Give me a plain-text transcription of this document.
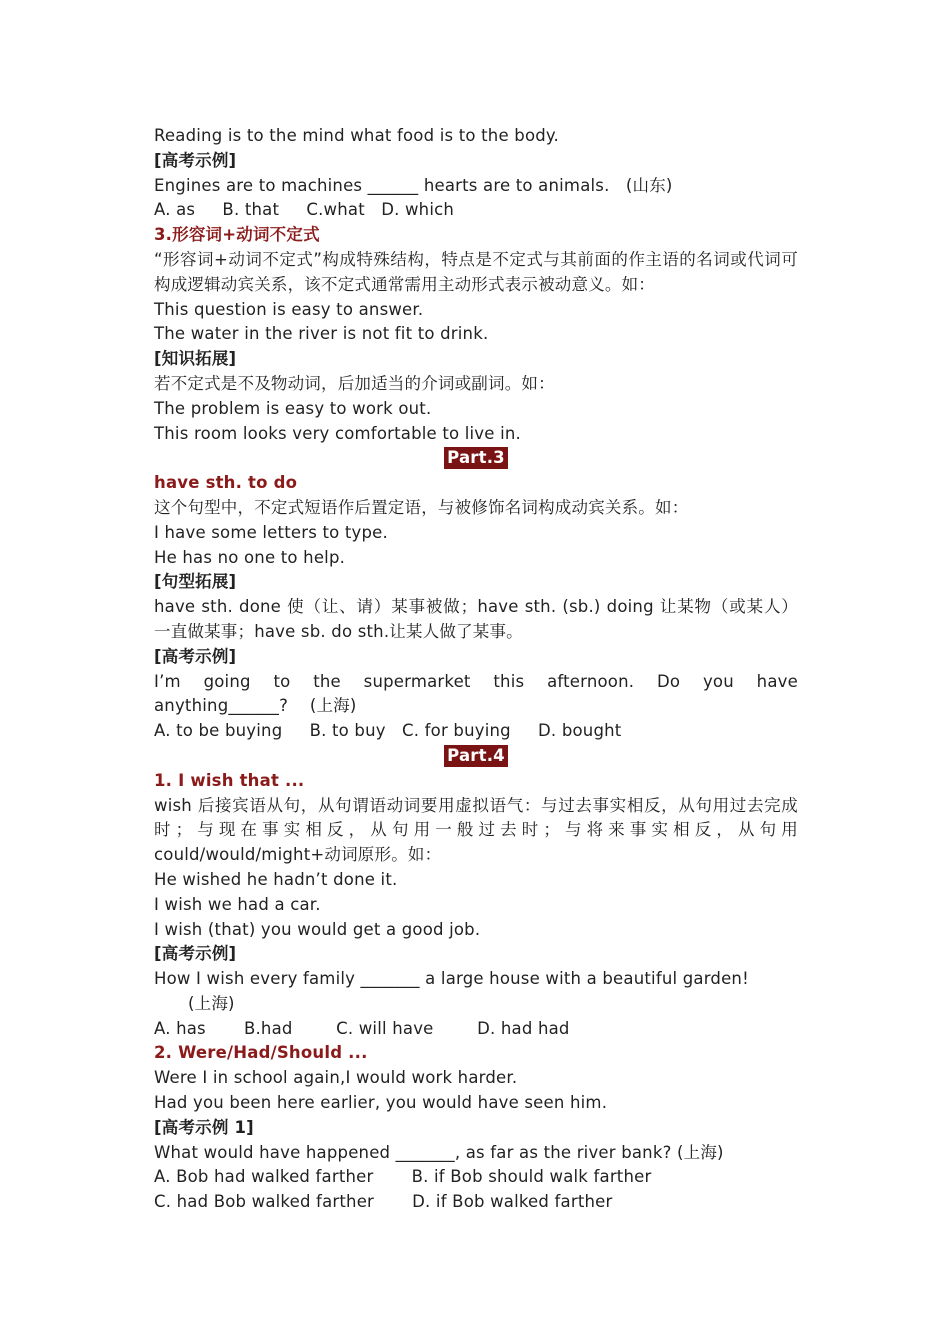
Reading is to the mind what food is to the body.
[高考示例]
Engines are to machines ______ hearts are to animals.   (山东)
A. as     B. that     C.what   D. which
3.形容词+动词不定式
“形容词+动词不定式”构成特殊结构，特点是不定式与其前面的作主语的名词或代词可构成逻辑动宾关系，该不定式通常需用主动形式表示被动意义。如：
This question is easy to answer.
The water in the river is not fit to drink.
[知识拓展]
若不定式是不及物动词，后加适当的介词或副词。如：
The problem is easy to work out.
This room looks very comfortable to live in.
Part.3
have sth. to do
这个句型中，不定式短语作后置定语，与被修饰名词构成动宾关系。如：
I have some letters to type.
He has no one to help.
[句型拓展]
have sth. done 使（让、请）某事被做；have sth. (sb.) doing 让某物（或某人）一直做某事；have sb. do sth.让某人做了某事。
[高考示例]
I’m going to the supermarket this afternoon. Do you have
anything______?    (上海)
A. to be buying     B. to buy   C. for buying     D. bought
Part.4
1. I wish that ...
wish 后接宾语从句，从句谓语动词要用虚拟语气：与过去事实相反，从句用过去完成时；与现在事实相反，从句用一般过去时；与将来事实相反，从句用 could/would/might+动词原形。如：
He wished he hadn’t done it.
I wish we had a car.
I wish (that) you would get a good job.
[高考示例]
How I wish every family _______ a large house with a beautiful garden!
(上海)
A. has       B.had        C. will have        D. had had
2. Were/Had/Should ...
Were I in school again,I would work harder.
Had you been here earlier, you would have seen him.
[高考示例 1]
What would have happened _______, as far as the river bank? (上海)
A. Bob had walked farther       B. if Bob should walk farther
C. had Bob walked farther       D. if Bob walked farther
